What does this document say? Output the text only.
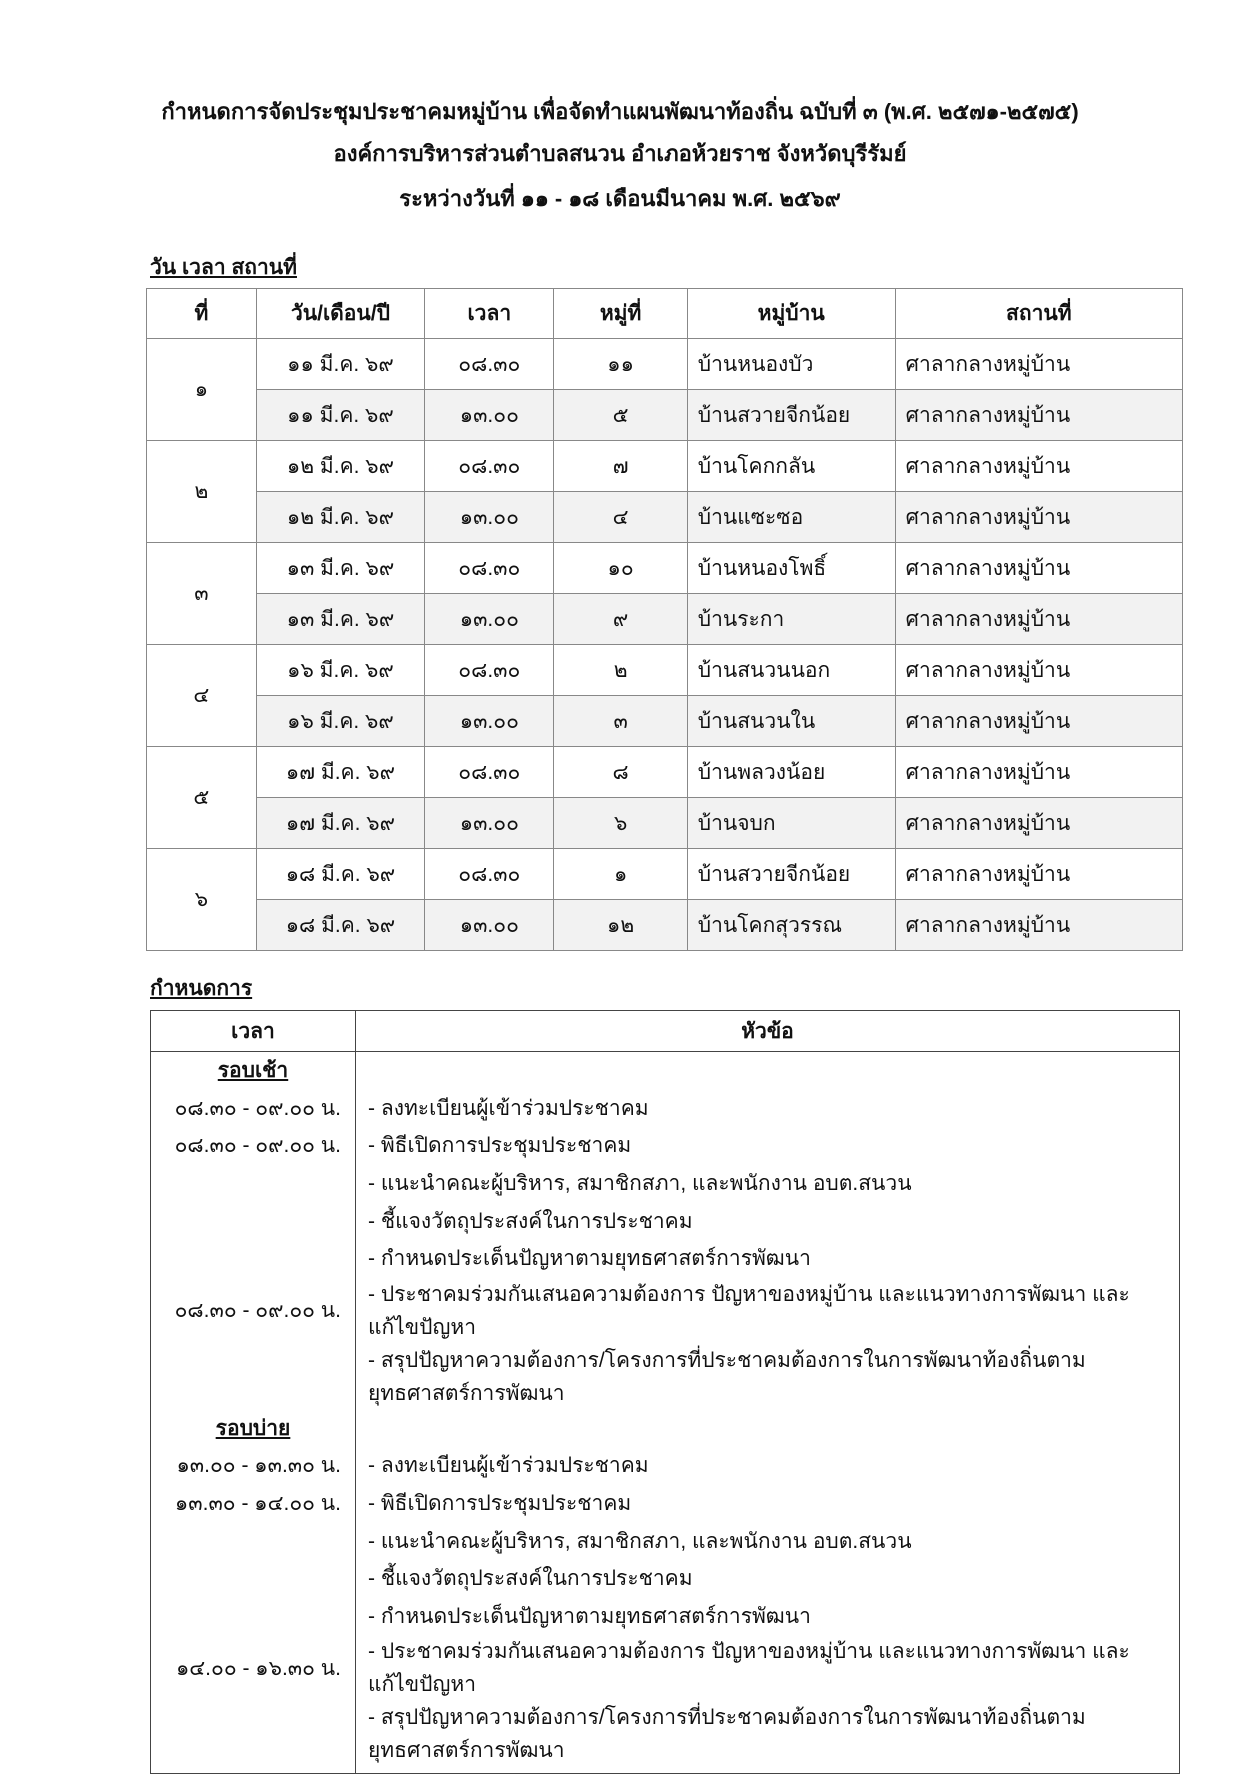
กำหนดการจัดประชุมประชาคมหมู่บ้าน เพื่อจัดทำแผนพัฒนาท้องถิ่น ฉบับที่ ๓ (พ.ศ. ๒๕๗๑-๒๕๗๕)
องค์การบริหารส่วนตำบลสนวน อำเภอห้วยราช จังหวัดบุรีรัมย์
ระหว่างวันที่ ๑๑ - ๑๘ เดือนมีนาคม พ.ศ. ๒๕๖๙
วัน เวลา สถานที่
ที่	วัน/เดือน/ปี	เวลา	หมู่ที่	หมู่บ้าน	สถานที่
๑	๑๑ มี.ค. ๖๙	๐๘.๓๐	๑๑	บ้านหนองบัว	ศาลากลางหมู่บ้าน
	๑๑ มี.ค. ๖๙	๑๓.๐๐	๕	บ้านสวายจีกน้อย	ศาลากลางหมู่บ้าน
๒	๑๒ มี.ค. ๖๙	๐๘.๓๐	๗	บ้านโคกกลัน	ศาลากลางหมู่บ้าน
	๑๒ มี.ค. ๖๙	๑๓.๐๐	๔	บ้านแซะซอ	ศาลากลางหมู่บ้าน
๓	๑๓ มี.ค. ๖๙	๐๘.๓๐	๑๐	บ้านหนองโพธิ์	ศาลากลางหมู่บ้าน
	๑๓ มี.ค. ๖๙	๑๓.๐๐	๙	บ้านระกา	ศาลากลางหมู่บ้าน
๔	๑๖ มี.ค. ๖๙	๐๘.๓๐	๒	บ้านสนวนนอก	ศาลากลางหมู่บ้าน
	๑๖ มี.ค. ๖๙	๑๓.๐๐	๓	บ้านสนวนใน	ศาลากลางหมู่บ้าน
๕	๑๗ มี.ค. ๖๙	๐๘.๓๐	๘	บ้านพลวงน้อย	ศาลากลางหมู่บ้าน
	๑๗ มี.ค. ๖๙	๑๓.๐๐	๖	บ้านจบก	ศาลากลางหมู่บ้าน
๖	๑๘ มี.ค. ๖๙	๐๘.๓๐	๑	บ้านสวายจีกน้อย	ศาลากลางหมู่บ้าน
	๑๘ มี.ค. ๖๙	๑๓.๐๐	๑๒	บ้านโคกสุวรรณ	ศาลากลางหมู่บ้าน
กำหนดการ
เวลา	หัวข้อ
รอบเช้า	
๐๘.๓๐ - ๐๙.๐๐ น.	- ลงทะเบียนผู้เข้าร่วมประชาคม
๐๘.๓๐ - ๐๙.๐๐ น.	- พิธีเปิดการประชุมประชาคม
	- แนะนำคณะผู้บริหาร, สมาชิกสภา, และพนักงาน อบต.สนวน
	- ชี้แจงวัตถุประสงค์ในการประชาคม
	- กำหนดประเด็นปัญหาตามยุทธศาสตร์การพัฒนา
๐๘.๓๐ - ๐๙.๐๐ น.	- ประชาคมร่วมกันเสนอความต้องการ ปัญหาของหมู่บ้าน และแนวทางการพัฒนา และแก้ไขปัญหา
	- สรุปปัญหาความต้องการ/โครงการที่ประชาคมต้องการในการพัฒนาท้องถิ่นตามยุทธศาสตร์การพัฒนา
รอบบ่าย	
๑๓.๐๐ - ๑๓.๓๐ น.	- ลงทะเบียนผู้เข้าร่วมประชาคม
๑๓.๓๐ - ๑๔.๐๐ น.	- พิธีเปิดการประชุมประชาคม
	- แนะนำคณะผู้บริหาร, สมาชิกสภา, และพนักงาน อบต.สนวน
	- ชี้แจงวัตถุประสงค์ในการประชาคม
	- กำหนดประเด็นปัญหาตามยุทธศาสตร์การพัฒนา
๑๔.๐๐ - ๑๖.๓๐ น.	- ประชาคมร่วมกันเสนอความต้องการ ปัญหาของหมู่บ้าน และแนวทางการพัฒนา และแก้ไขปัญหา
	- สรุปปัญหาความต้องการ/โครงการที่ประชาคมต้องการในการพัฒนาท้องถิ่นตามยุทธศาสตร์การพัฒนา
